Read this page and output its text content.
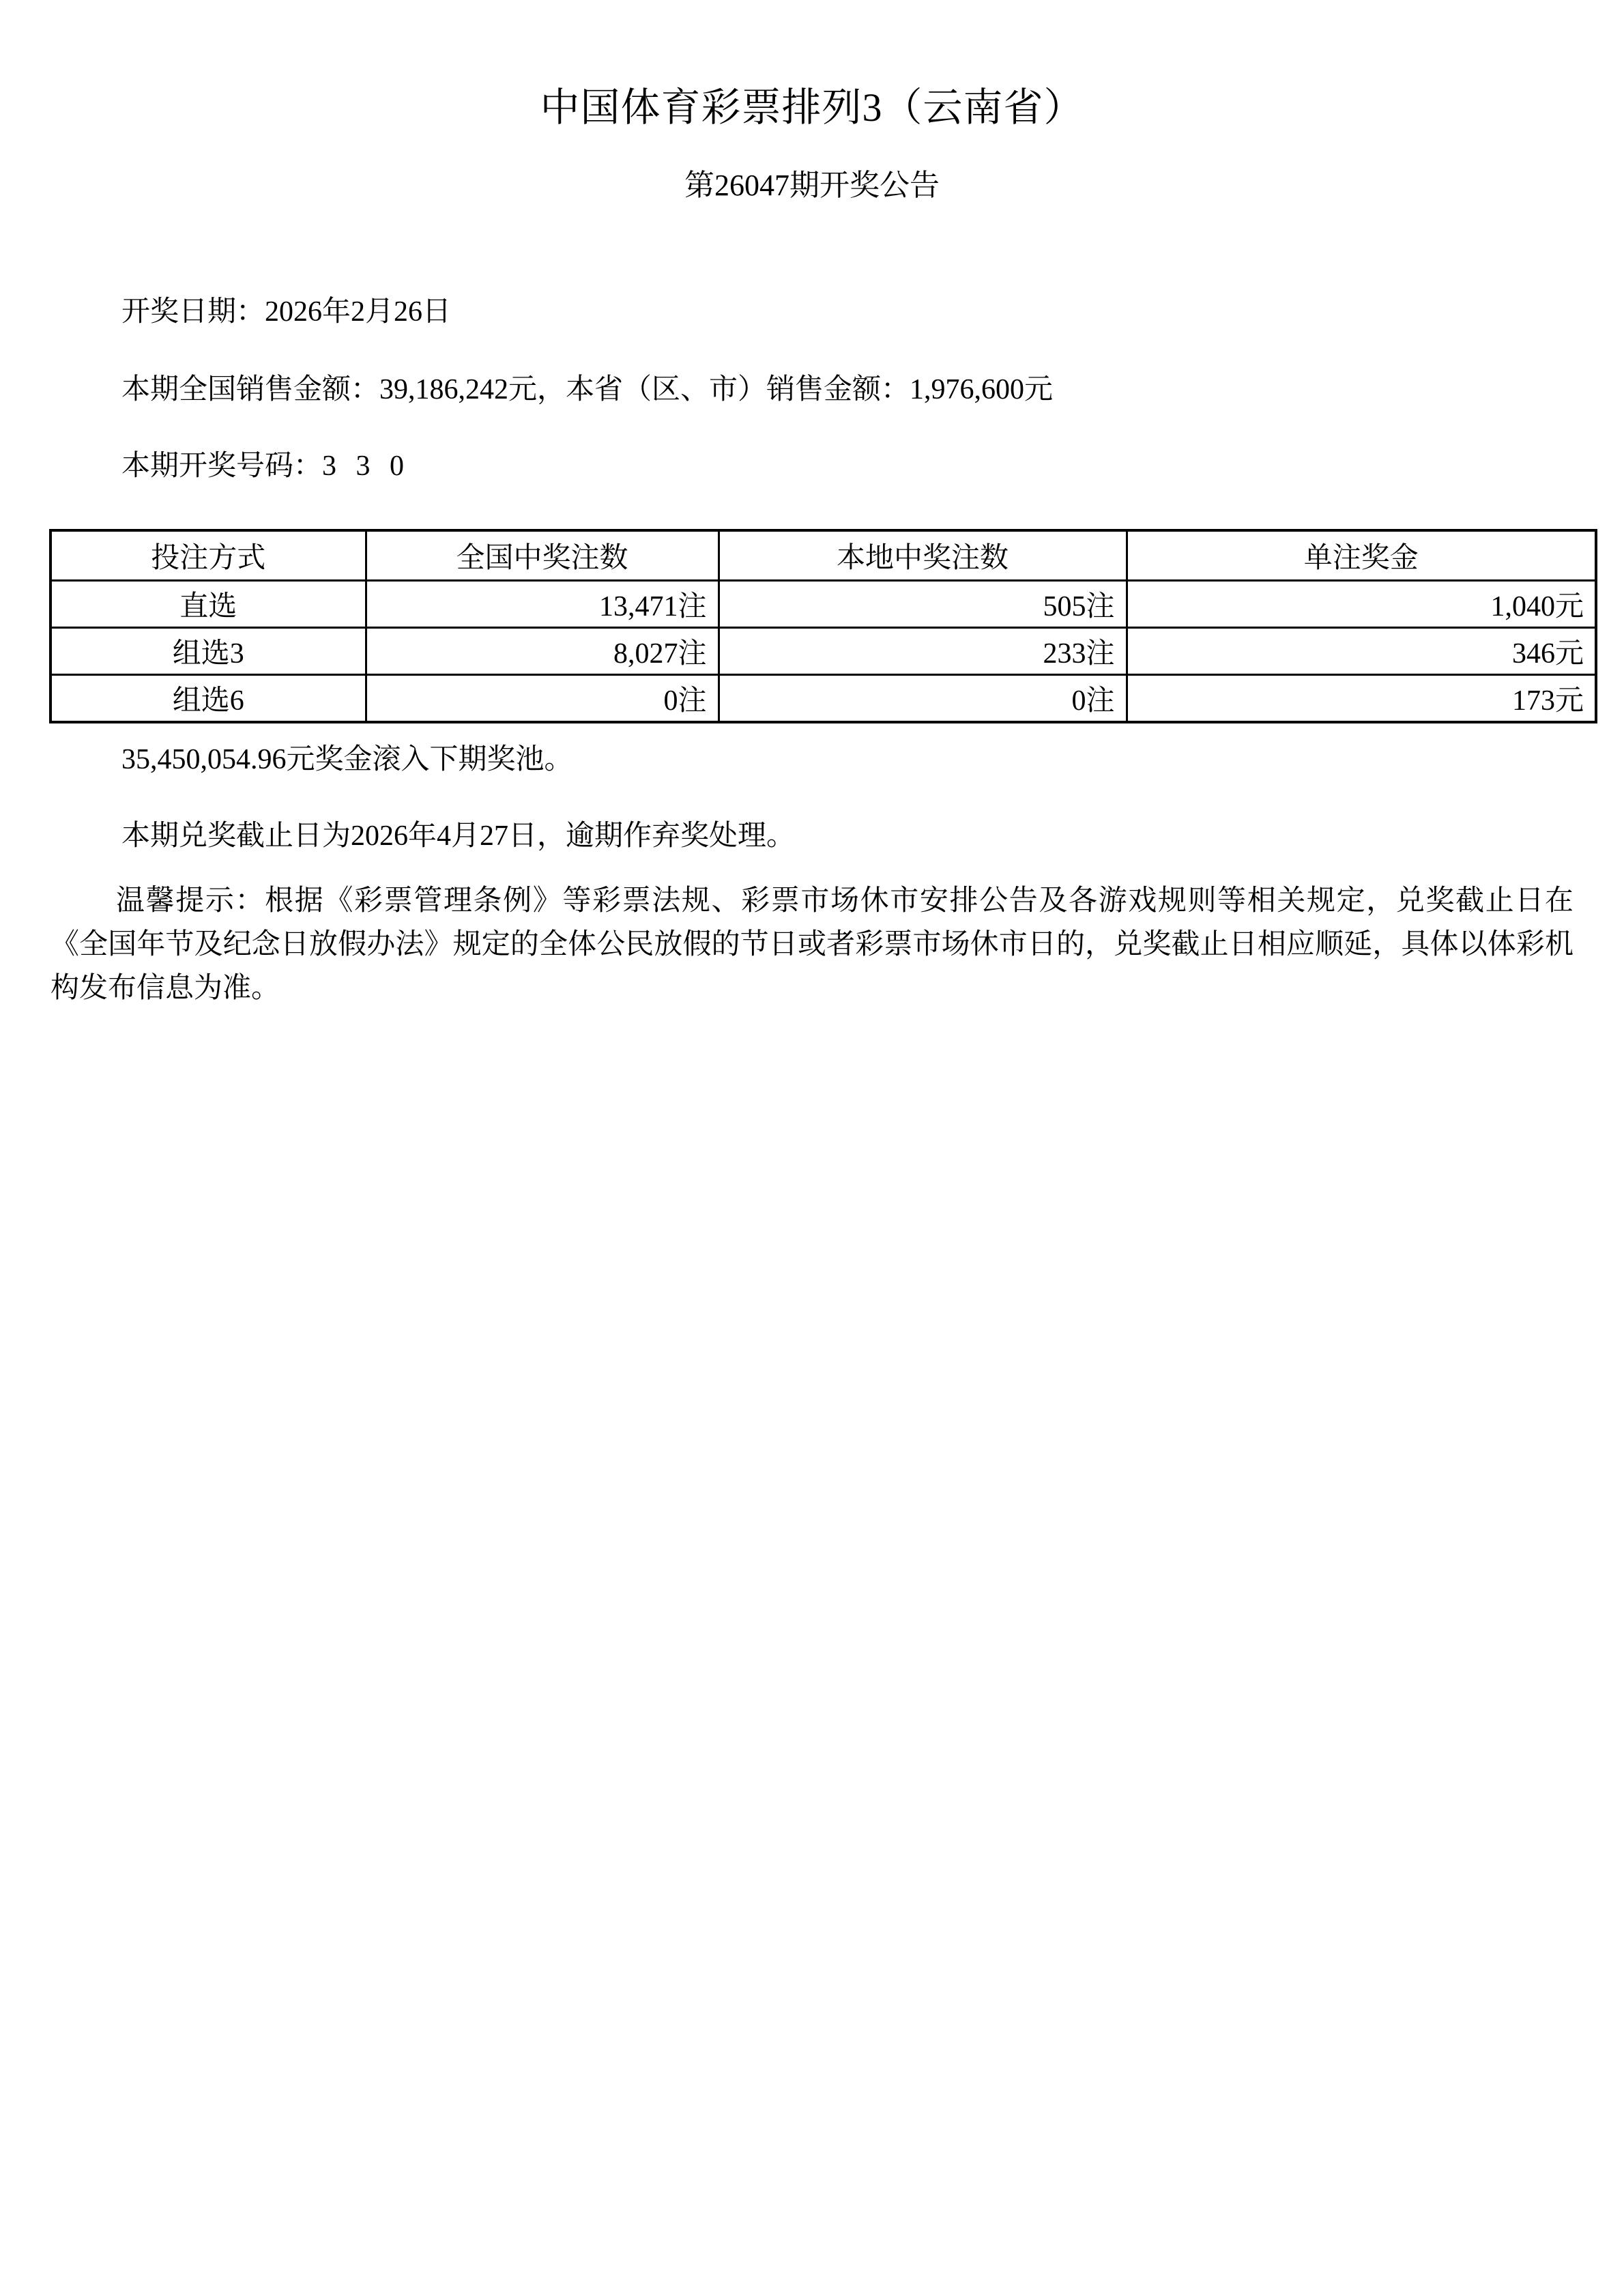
中国体育彩票排列3（云南省）
第26047期开奖公告
开奖日期：2026年2月26日
本期全国销售金额：39,186,242元，本省（区、市）销售金额：1,976,600元
本期开奖号码：3 3 0
投注方式	全国中奖注数	本地中奖注数	单注奖金
直选	13,471注	505注	1,040元
组选3	8,027注	233注	346元
组选6	0注	0注	173元
35,450,054.96元奖金滚入下期奖池。
本期兑奖截止日为2026年4月27日，逾期作弃奖处理。
温馨提示：根据《彩票管理条例》等彩票法规、彩票市场休市安排公告及各游戏规则等相关规定，兑奖截止日在《全国年节及纪念日放假办法》规定的全体公民放假的节日或者彩票市场休市日的，兑奖截止日相应顺延，具体以体彩机构发布信息为准。
